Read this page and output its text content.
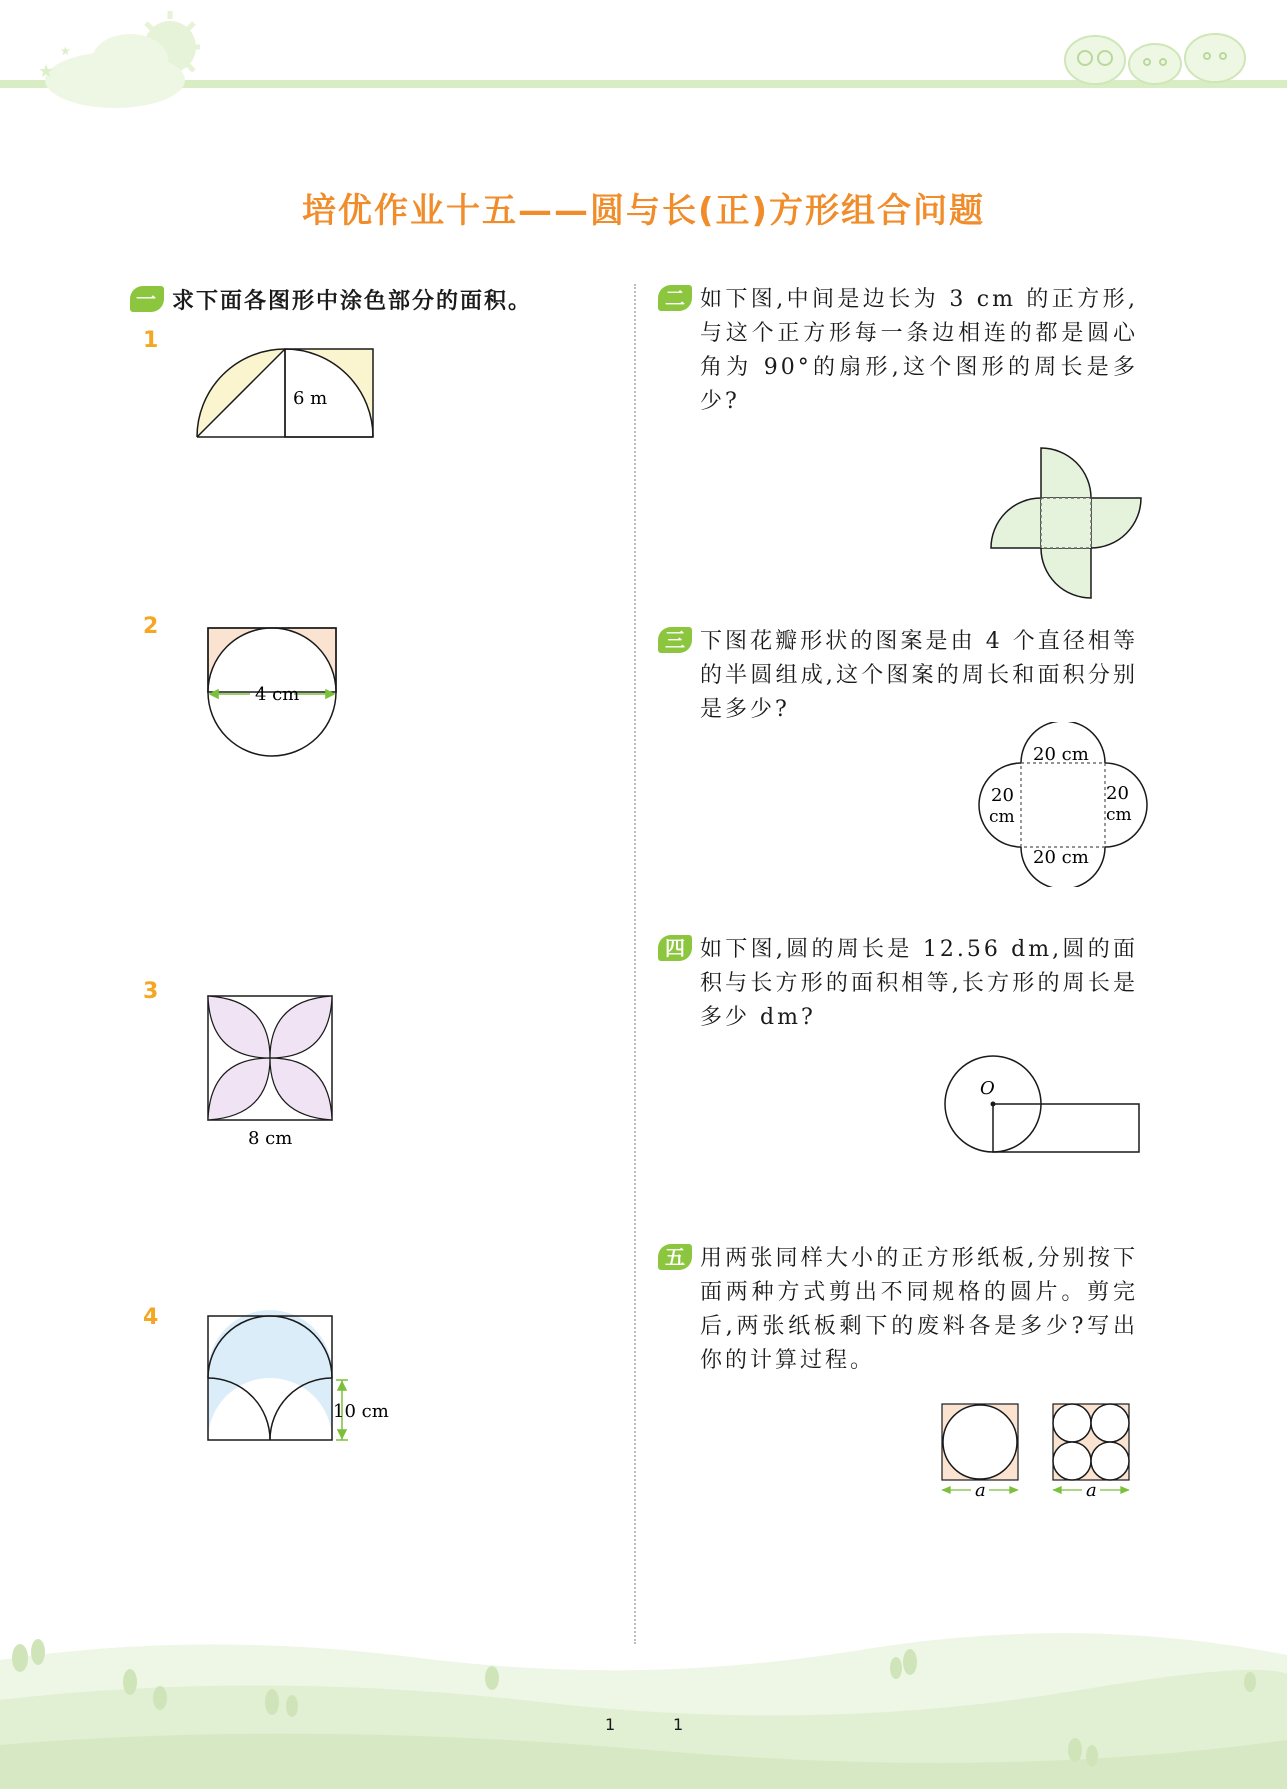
★
★
培优作业十五——圆与长(正)方形组合问题
一 求下面各图形中涂色部分的面积。
1
2
3
4
6 m
4 cm
8 cm
10 cm
二 如下图,中间是边长为 3 cm 的正方形,与这个正方形每一条边相连的都是圆心角为 90°的扇形,这个图形的周长是多少?
三 下图花瓣形状的图案是由 4 个直径相等的半圆组成,这个图案的周长和面积分别是多少?
20 cm
20 cm
20
cm
20
cm
四 如下图,圆的周长是 12.56 dm,圆的面积与长方形的面积相等,长方形的周长是多少 dm?
O
五 用两张同样大小的正方形纸板,分别按下面两种方式剪出不同规格的圆片。剪完后,两张纸板剩下的废料各是多少?写出你的计算过程。
a	a
1	1
